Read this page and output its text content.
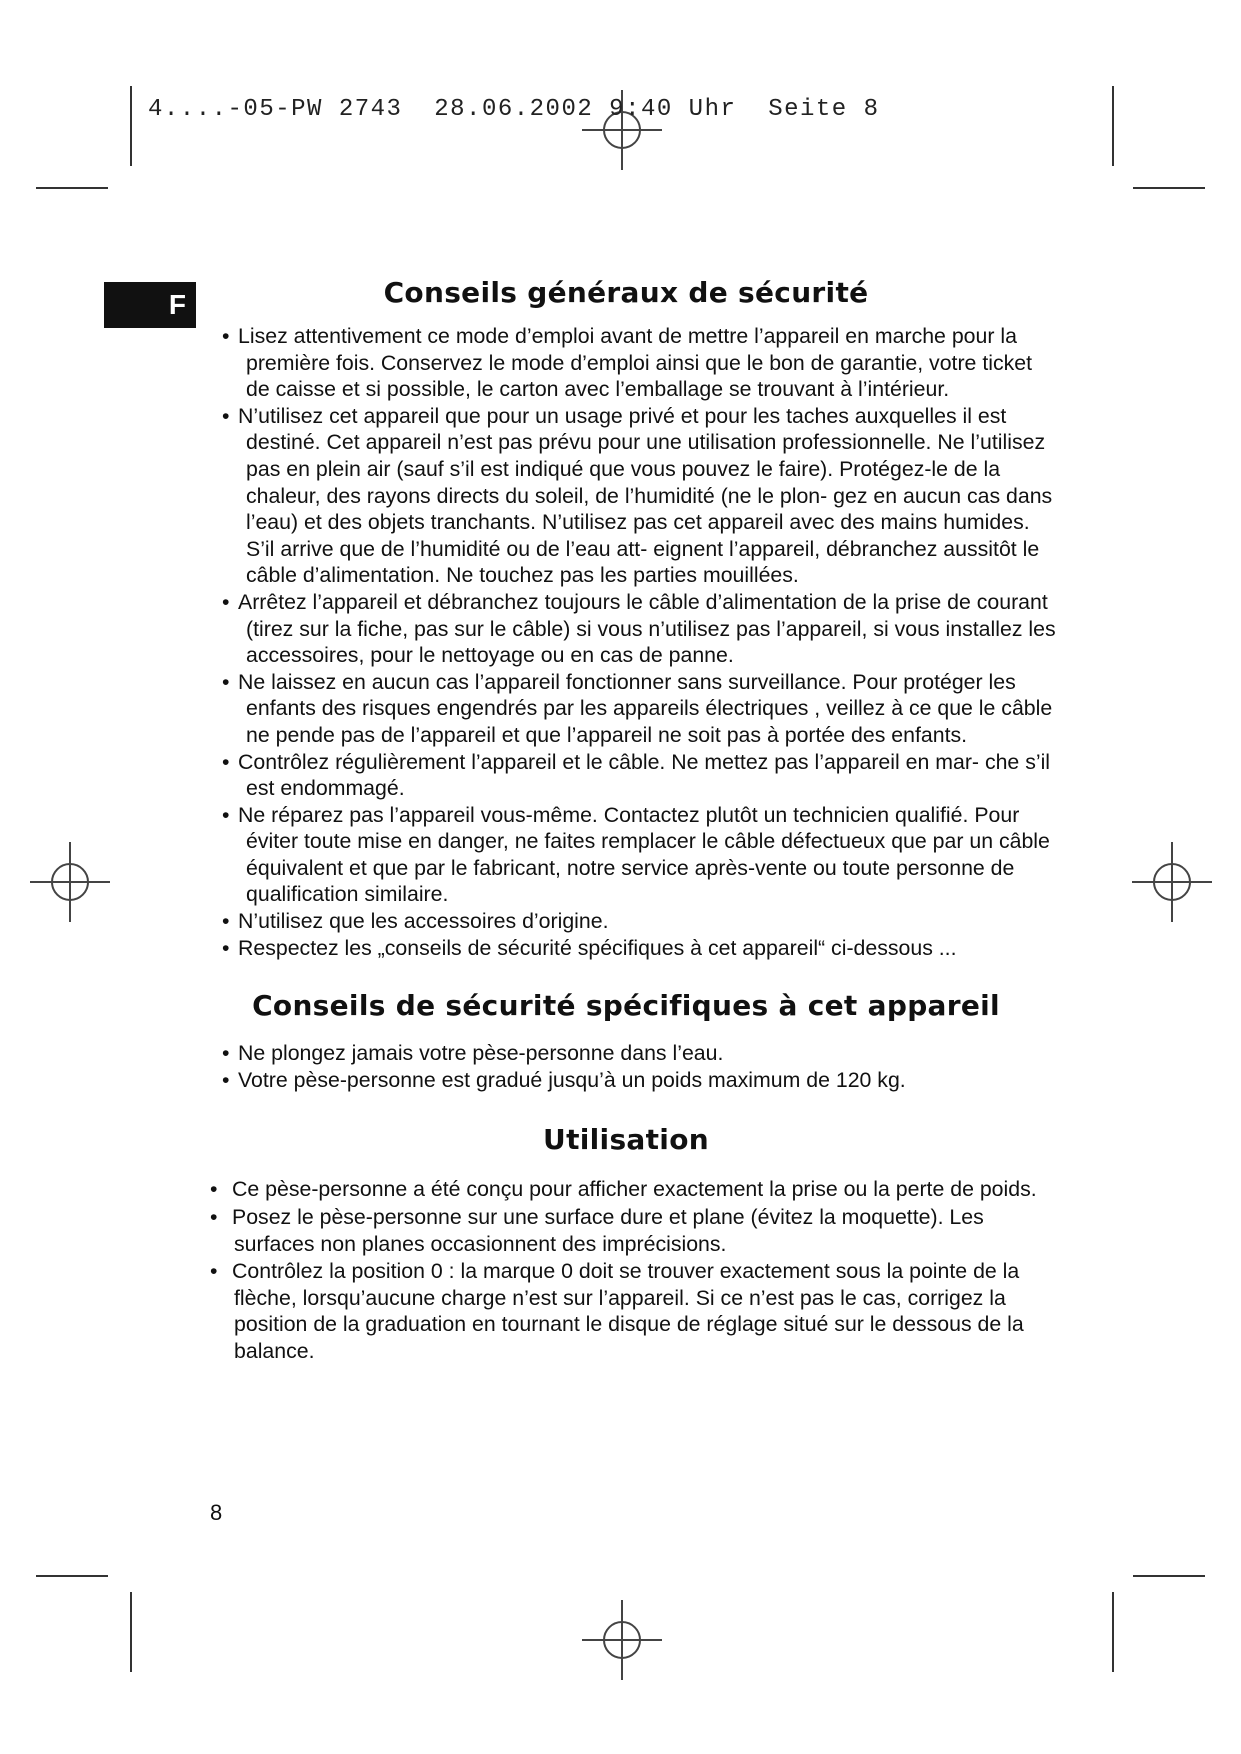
4....-05-PW 2743  28.06.2002 9:40 Uhr  Seite 8
F	Conseils généraux de sécurité
• Lisez attentivement ce mode d’emploi avant de mettre l’appareil en marche pour la première fois. Conservez le mode d’emploi ainsi que le bon de garantie, votre ticket de caisse et si possible, le carton avec l’emballage se trouvant à l’intérieur.
• N’utilisez cet appareil que pour un usage privé et pour les taches auxquelles il est destiné. Cet appareil n’est pas prévu pour une utilisation professionnelle. Ne l’utilisez pas en plein air (sauf s’il est indiqué que vous pouvez le faire). Protégez-le de la chaleur, des rayons directs du soleil, de l’humidité (ne le plon- gez en aucun cas dans l’eau) et des objets tranchants. N’utilisez pas cet appareil avec des mains humides. S’il arrive que de l’humidité ou de l’eau att- eignent l’appareil, débranchez aussitôt le câble d’alimentation. Ne touchez pas les parties mouillées.
• Arrêtez l’appareil et débranchez toujours le câble d’alimentation de la prise de courant (tirez sur la fiche, pas sur le câble) si vous n’utilisez pas l’appareil, si vous installez les accessoires, pour le nettoyage ou en cas de panne.
• Ne laissez en aucun cas l’appareil fonctionner sans surveillance. Pour protéger les enfants des risques engendrés par les appareils électriques , veillez à ce que le câble ne pende pas de l’appareil et que l’appareil ne soit pas à portée des enfants.
• Contrôlez régulièrement l’appareil et le câble. Ne mettez pas l’appareil en mar- che s’il est endommagé.
• Ne réparez pas l’appareil vous-même. Contactez plutôt un technicien qualifié. Pour éviter toute mise en danger, ne faites remplacer le câble défectueux que par un câble équivalent et que par le fabricant, notre service après-vente ou toute personne de qualification similaire.
• N’utilisez que les accessoires d’origine.
• Respectez les „conseils de sécurité spécifiques à cet appareil“ ci-dessous ...
Conseils de sécurité spécifiques à cet appareil
• Ne plongez jamais votre pèse-personne dans l’eau.
• Votre pèse-personne est gradué jusqu’à un poids maximum de 120 kg.
Utilisation
• Ce pèse-personne a été conçu pour afficher exactement la prise ou la perte de poids.
• Posez le pèse-personne sur une surface dure et plane (évitez la moquette). Les surfaces non planes occasionnent des imprécisions.
• Contrôlez la position 0 : la marque 0 doit se trouver exactement sous la pointe de la flèche, lorsqu’aucune charge n’est sur l’appareil. Si ce n’est pas le cas, corrigez la position de la graduation en tournant le disque de réglage situé sur le dessous de la balance.
8
